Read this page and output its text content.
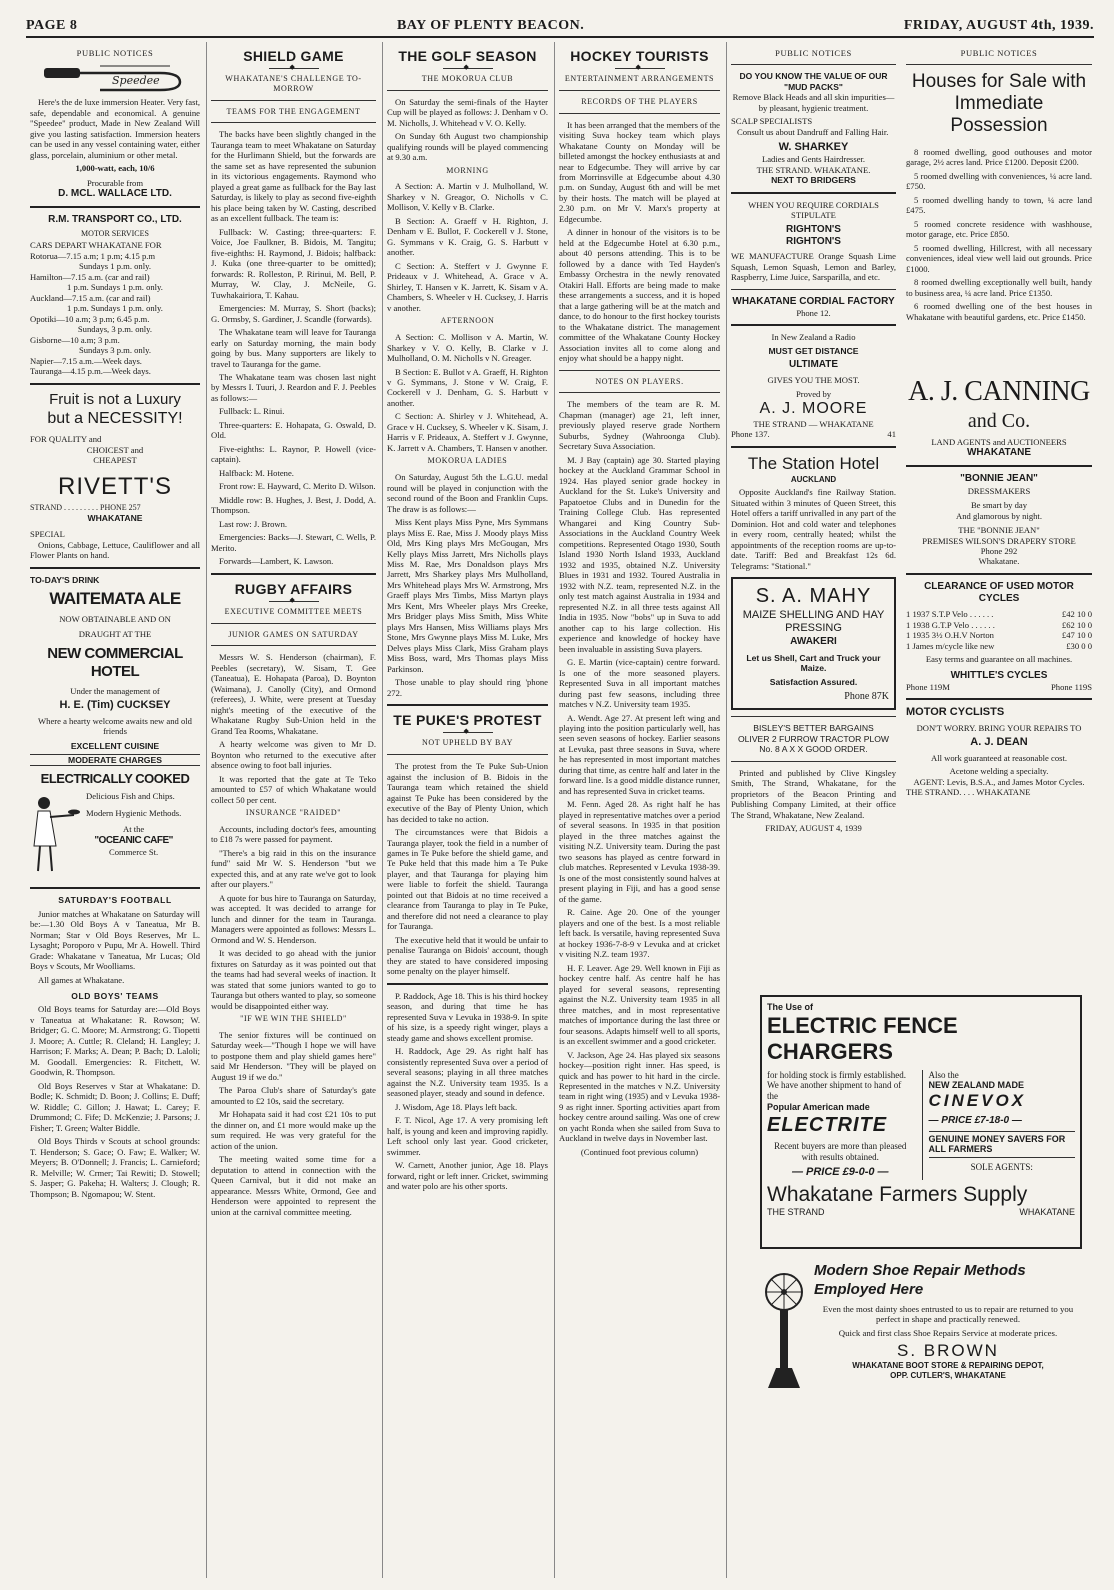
PAGE 8	BAY OF PLENTY BEACON.	FRIDAY, AUGUST 4th, 1939.
PUBLIC NOTICES
Speedee

Here's the de luxe immersion Heater. Very fast, safe, dependable and economical. A genuine "Speedee" product, Made in New Zealand Will give you lasting satisfaction. Immersion heaters can be used in any vessel containing water, either glass, porcelain, aluminium or other metal.

1,000-watt, each, 10/6
Procurable from
D. MCL. WALLACE LTD.
R.M. TRANSPORT CO., LTD.
MOTOR SERVICES
CARS DEPART WHAKATANE FOR
Rotorua—7.15 a.m; 1 p.m; 4.15 p.m
Sundays 1 p.m. only.
Hamilton—7.15 a.m. (car and rail)
1 p.m. Sundays 1 p.m. only.
Auckland—7.15 a.m. (car and rail)
1 p.m. Sundays 1 p.m. only.
Opotiki—10 a.m; 3 p.m; 6.45 p.m.
Sundays, 3 p.m. only.
Gisborne—10 a.m; 3 p.m.
Sundays 3 p.m. only.
Napier—7.15 a.m.—Week days.
Tauranga—4.15 p.m.—Week days.
Fruit is not a Luxury
but a NECESSITY!
FOR QUALITY and
CHOICEST and
CHEAPEST
RIVETT'S
STRAND . . . . . . . . . PHONE 257
WHAKATANE
SPECIAL

Onions, Cabbage, Lettuce, Cauliflower and all Flower Plants on hand.

TO-DAY'S DRINK
WAITEMATA ALE
NOW OBTAINABLE AND ON
DRAUGHT AT THE
NEW COMMERCIAL HOTEL
Under the management of
H. E. (Tim) CUCKSEY
Where a hearty welcome awaits new and old friends
EXCELLENT CUISINE
MODERATE CHARGES
ELECTRICALLY COOKED
Delicious Fish and Chips.
Modern Hygienic Methods.
At the
"OCEANIC CAFE"
Commerce St.
SATURDAY'S FOOTBALL

Junior matches at Whakatane on Saturday will be:—1.30 Old Boys A v Taneatua, Mr B. Norman; Star v Old Boys Reserves, Mr L. Lysaght; Poroporo v Pupu, Mr A. Howell. Third Grade: Whakatane v Taneatua, Mr Lucas; Old Boys v Scouts, Mr Woolliams.

All games at Whakatane.

OLD BOYS' TEAMS

Old Boys teams for Saturday are:—Old Boys v Taneatua at Whakatane: R. Rowson; W. Bridger; G. C. Moore; M. Armstrong; G. Tiopetti J. Moore; A. Cuttle; R. Cleland; H. Langley; J. Harrison; F. Marks; A. Dean; P. Bach; D. Laloli; M. Goodall. Emergencies: R. Fitchett, W. Goodwin, R. Thompson.

Old Boys Reserves v Star at Whakatane: D. Bodle; K. Schmidt; D. Boon; J. Collins; E. Duff; W. Riddle; C. Gillon; J. Hawat; L. Carey; F. Drummond; C. Fife; D. McKenzie; J. Parsons; J. Fisher; T. Green; Walter Biddle.

Old Boys Thirds v Scouts at school grounds: T. Henderson; S. Gace; O. Faw; E. Walker; W. Meyers; B. O'Donnell; J. Francis; L. Carnieford; R. Melville; W. Crmer; Tai Rewiti; D. Stowell; S. Jasper; G. Pakeha; H. Walters; J. Clough; R. Thompson; B. Ngomapou; W. Stent.

SHIELD GAME
◆
WHAKATANE'S CHALLENGE TO-MORROW
TEAMS FOR THE ENGAGEMENT

The backs have been slightly changed in the Tauranga team to meet Whakatane on Saturday for the Hurlimann Shield, but the forwards are the same set as have represented the subunion in its victorious engagements. Raymond who played a great game as fullback for the Bay last Saturday, is likely to play as second five-eighth his place being taken by W. Casting, described as an excellent fullback. The team is:

Fullback: W. Casting; three-quarters: F. Voice, Joe Faulkner, B. Bidois, M. Tangitu; five-eighths: H. Raymond, J. Bidois; halfback: J. Kuka (one three-quarter to be omitted); forwards: R. Rolleston, P. Ririnui, M. Bell, P. Murray, W. Clay, J. McNeile, G. Tuwhakairiora, T. Kahau.

Emergencies: M. Murray, S. Short (backs); G. Ormsby, S. Gardiner, J. Scandle (forwards).

The Whakatane team will leave for Tauranga early on Saturday morning, the main body going by bus. Many supporters are likely to travel to Tauranga for the game.

The Whakatane team was chosen last night by Messrs I. Tuuri, J. Reardon and F. J. Peebles as follows:—

Fullback: L. Rinui.

Three-quarters: E. Hohapata, G. Oswald, D. Old.

Five-eighths: L. Raynor, P. Howell (vice-captain).

Halfback: M. Hotene.

Front row: E. Hayward, C. Merito D. Wilson.

Middle row: B. Hughes, J. Best, J. Dodd, A. Thompson.

Last row: J. Brown.

Emergencies: Backs—J. Stewart, C. Wells, P. Merito.

Forwards—Lambert, K. Lawson.

RUGBY AFFAIRS
◆
EXECUTIVE COMMITTEE MEETS
JUNIOR GAMES ON SATURDAY

Messrs W. S. Henderson (chairman), F. Peebles (secretary), W. Sisam, T. Gee (Taneatua), E. Hohapata (Paroa), D. Boynton (Waimana), J. Canolly (City), and Ormond (referees), J. White, were present at Tuesday night's meeting of the executive of the Whakatane Rugby Sub-Union held in the Grand Tea Rooms, Whakatane.

A hearty welcome was given to Mr D. Boynton who returned to the executive after absence owing to foot ball injuries.

It was reported that the gate at Te Teko amounted to £57 of which Whakatane would collect 50 per cent.

INSURANCE "RAIDED"

Accounts, including doctor's fees, amounting to £18 7s were passed for payment.

"There's a big raid in this on the insurance fund" said Mr W. S. Henderson "but we expected this, and at any rate we've got to look after our players."

A quote for bus hire to Tauranga on Saturday, was accepted. It was decided to arrange for lunch and dinner for the team in Tauranga. Managers were appointed as follows: Messrs L. Ormond and W. S. Henderson.

It was decided to go ahead with the junior fixtures on Saturday as it was pointed out that the teams had had several weeks of inaction. It was stated that some juniors wanted to go to Tauranga but others wanted to play, so someone would be disappointed either way.

"IF WE WIN THE SHIELD"

The senior fixtures will be continued on Saturday week—"Though I hope we will have to postpone them and play shield games here" said Mr Henderson. "They will be played on August 19 if we do."

The Paroa Club's share of Saturday's gate amounted to £2 10s, said the secretary.

Mr Hohapata said it had cost £21 10s to put the dinner on, and £1 more would make up the sum required. He was very grateful for the action of the union.

The meeting waited some time for a deputation to attend in connection with the Queen Carnival, but it did not make an appearance. Messrs White, Ormond, Gee and Henderson were appointed to represent the union at the carnival committee meeting.

THE GOLF SEASON
◆
THE MOKORUA CLUB

On Saturday the semi-finals of the Hayter Cup will be played as follows: J. Denham v O. M. Nicholls, J. Whitehead v V. O. Kelly.

On Sunday 6th August two championship qualifying rounds will be played commencing at 9.30 a.m.

MORNING

A Section: A. Martin v J. Mulholland, W. Sharkey v N. Greagor, O. Nicholls v C. Mollison, V. Kelly v B. Clarke.

B Section: A. Graeff v H. Righton, J. Denham v E. Bullot, F. Cockerell v J. Stone, G. Symmans v K. Craig, G. S. Harbutt v another.

C Section: A. Steffert v J. Gwynne F. Prideaux v J. Whitehead, A. Grace v A. Shirley, T. Hansen v K. Jarrett, K. Sisam v A. Chambers, S. Wheeler v H. Cucksey, J. Harris v another.

AFTERNOON

A Section: C. Mollison v A. Martin, W. Sharkey v V. O. Kelly, B. Clarke v J. Mulholland, O. M. Nicholls v N. Greager.

B Section: E. Bullot v A. Graeff, H. Righton v G. Symmans, J. Stone v W. Craig, F. Cockerell v J. Denham, G. S. Harbutt v another.

C Section: A. Shirley v J. Whitehead, A. Grace v H. Cucksey, S. Wheeler v K. Sisam, J. Harris v F. Prideaux, A. Steffert v J. Gwynne, K. Jarrett v A. Chambers, T. Hansen v another.

MOKORUA LADIES

On Saturday, August 5th the L.G.U. medal round will be played in conjunction with the second round of the Boon and Franklin Cups. The draw is as follows:—

Miss Kent plays Miss Pyne, Mrs Symmans plays Miss E. Rae, Miss J. Moody plays Miss Old, Mrs King plays Mrs McGougan, Mrs Kelly plays Miss Jarrett, Mrs Nicholls plays Miss M. Rae, Mrs Donaldson plays Mrs Jarrett, Mrs Sharkey plays Mrs Mulholland, Mrs Whitehead plays Mrs W. Armstrong, Mrs Graeff plays Mrs Timbs, Miss Martyn plays Mrs Kent, Mrs Wheeler plays Mrs Creeke, Mrs Bridger plays Miss Smith, Miss White plays Mrs Hansen, Miss Williams plays Mrs Stone, Mrs Gwynne plays Miss M. Luke, Mrs Delves plays Miss Clark, Miss Graham plays Miss Boss, ward, Mrs Thomas plays Miss Parkinson.

Those unable to play should ring 'phone 272.

TE PUKE'S PROTEST
◆
NOT UPHELD BY BAY

The protest from the Te Puke Sub-Union against the inclusion of B. Bidois in the Tauranga team which retained the shield against Te Puke has been considered by the executive of the Bay of Plenty Union, which has decided to take no action.

The circumstances were that Bidois a Tauranga player, took the field in a number of games in Te Puke before the shield game, and Te Puke held that this made him a Te Puke player, and that Tauranga for playing him were liable to forfeit the shield. Tauranga pointed out that Bidois at no time received a clearance from Tauranga to play in Te Puke, and therefore did not need a clearance to play for Tauranga.

The executive held that it would be unfair to penalise Tauranga on Bidois' account, though they are stated to have considered imposing some penalty on the player himself.

P. Raddock, Age 18. This is his third hockey season, and during that time he has represented Suva v Levuka in 1938-9. In spite of his size, is a speedy right winger, plays a steady game and shows excellent promise.

H. Raddock, Age 29. As right half has consistently represented Suva over a period of several seasons; playing in all three matches against the N.Z. University team 1935. Is a seasoned player, steady and sound in defence.

J. Wisdom, Age 18. Plays left back.

F. T. Nicol, Age 17. A very promising left half, is young and keen and improving rapidly. Left school only last year. Good cricketer, swimmer.

W. Carnett, Another junior, Age 18. Plays forward, right or left inner. Cricket, swimming and water polo are his other sports.

HOCKEY TOURISTS
◆
ENTERTAINMENT ARRANGEMENTS
RECORDS OF THE PLAYERS

It has been arranged that the members of the visiting Suva hockey team which plays Whakatane County on Monday will be billeted amongst the hockey enthusiasts at and near to Edgecumbe. They will arrive by car from Morrinsville at Edgecumbe about 4.30 p.m. on Sunday, August 6th and will be met by their hosts. The match will be played at 2.30 p.m. on Mr V. Marx's property at Edgecumbe.

A dinner in honour of the visitors is to be held at the Edgecumbe Hotel at 6.30 p.m., about 40 persons attending. This is to be followed by a dance with Ted Hayden's Embassy Orchestra in the newly renovated Otakiri Hall. Efforts are being made to make these arrangements a success, and it is hoped that a large gathering will be at the match and dance, to do honour to the first hockey tourists to the Whakatane district. The management committee of the Whakatane County Hockey Association invites all to come along and enjoy what should be a happy night.

NOTES ON PLAYERS.

The members of the team are R. M. Chapman (manager) age 21, left inner, previously played reserve grade Northern Suburbs, Sydney (Wahroonga Club). Secretary Suva Association.

M. J Bay (captain) age 30. Started playing hockey at the Auckland Grammar School in 1924. Has played senior grade hockey in Auckland for the St. Luke's University and Papatoetoe Clubs and in Dunedin for the Training College Club. Has represented Whangarei and King Country Sub-Associations in the Auckland Country Week competitions. Represented Otago 1930, South Island 1930 North Island 1933, Auckland 1932 and 1935, obtained N.Z. University Blues in 1931 and 1932. Toured Australia in 1932 with N.Z. team, represented N.Z. in the only test match against Australia in 1934 and represented N.Z. in all three tests against All India in 1935. Now "bobs" up in Suva to add another cap to his large collection. His experience and knowledge of hockey have been invaluable in assisting Suva players.

G. E. Martin (vice-captain) centre forward. Is one of the more seasoned players. Represented Suva in all important matches during past few seasons, including three matches v N.Z. University team 1935.

A. Wendt. Age 27. At present left wing and playing into the position particularly well, has seen seven seasons of hockey. Earlier seasons at Levuka, past three seasons in Suva, where he has represented in most important matches during that time, as centre half and later in the forward line. Is a good middle distance runner, and has represented Suva in cricket teams.

M. Fenn. Aged 28. As right half he has played in representative matches over a period of several seasons. In 1935 in that position played in the three matches against the visiting N.Z. University team. During the past two seasons has played as centre forward in club matches. Represented v Levuka 1938-39. Is one of the most consistently sound halves at present playing in Fiji, and has a good sense of the game.

R. Caine. Age 20. One of the younger players and one of the best. Is a most reliable left back. Is versatile, having represented Suva at hockey 1936-7-8-9 v Levuka and at cricket v visiting N.Z. team 1937.

H. F. Leaver. Age 29. Well known in Fiji as hockey centre half. As centre half he has played for several seasons, representing against the N.Z. University team 1935 in all three matches, and in most representative matches of importance during the last three or four seasons. Adapts himself well to all sports, is an excellent swimmer and a good cricketer.

V. Jackson, Age 24. Has played six seasons hockey—position right inner. Has speed, is quick and has power to hit hard in the circle. Represented in the matches v N.Z. University team in right wing (1935) and v Levuka 1938-9 as right inner. Sporting activities apart from hockey centre around sailing. Was one of crew on yacht Ronda when she sailed from Suva to Auckland in twelve days in November last.

(Continued foot previous column)
PUBLIC NOTICES
DO YOU KNOW THE VALUE OF OUR "MUD PACKS"
Remove Black Heads and all skin impurities—by pleasant, hygienic treatment.
SCALP SPECIALISTS
Consult us about Dandruff and Falling Hair.
W. SHARKEY
Ladies and Gents Hairdresser.
THE STRAND. WHAKATANE.
NEXT TO BRIDGERS
WHEN YOU REQUIRE CORDIALS STIPULATE
RIGHTON'S
RIGHTON'S

WE MANUFACTURE Orange Squash Lime Squash, Lemon Squash, Lemon and Barley, Raspberry, Lime Juice, Sarsparilla, and etc.

WHAKATANE CORDIAL FACTORY
Phone 12.
In New Zealand a Radio
MUST GET DISTANCE
ULTIMATE
GIVES YOU THE MOST.
Proved by
A. J. MOORE
THE STRAND — WHAKATANE
Phone 137.	41
The Station Hotel
AUCKLAND

Opposite Auckland's fine Railway Station. Situated within 3 minutes of Queen Street, this Hotel offers a tariff unrivalled in any part of the Dominion. Hot and cold water and telephones in every room, centrally heated; whilst the appointments of the reception rooms are up-to-date. Tariff: Bed and Breakfast 12s 6d. Telegrams: "Stational."

S. A. MAHY
MAIZE SHELLING AND HAY PRESSING
AWAKERI
Let us Shell, Cart and Truck your Maize.
Satisfaction Assured.
Phone 87K
BISLEY'S BETTER BARGAINS
OLIVER 2 FURROW TRACTOR PLOW No. 8 A X X GOOD ORDER.

Printed and published by Clive Kingsley Smith, The Strand, Whakatane, for the proprietors of the Beacon Printing and Publishing Company Limited, at their office The Strand, Whakatane, New Zealand.

FRIDAY, AUGUST 4, 1939
The Use of
ELECTRIC FENCE CHARGERS
for holding stock is firmly established. We have another shipment to hand of the
Popular American made
ELECTRITE
Recent buyers are more than pleased with results obtained.
— PRICE £9-0-0 —
Also the
NEW ZEALAND MADE
CINEVOX
— PRICE £7-18-0 —
GENUINE MONEY SAVERS FOR ALL FARMERS
SOLE AGENTS:
Whakatane Farmers Supply
THE STRAND	WHAKATANE
PUBLIC NOTICES
Houses for Sale with Immediate Possession

8 roomed dwelling, good outhouses and motor garage, 2½ acres land. Price £1200. Deposit £200.

5 roomed dwelling with conveniences, ¼ acre land. £750.

5 roomed dwelling handy to town, ¼ acre land £475.

5 roomed concrete residence with washhouse, motor garage, etc. Price £850.

5 roomed dwelling, Hillcrest, with all necessary conveniences, ideal view well laid out grounds. Price £1000.

8 roomed dwelling exceptionally well built, handy to business area, ¼ acre land. Price £1350.

6 roomed dwelling one of the best houses in Whakatane with beautiful gardens, etc. Price £1450.

A. J. CANNING
and Co.
LAND AGENTS and AUCTIONEERS
WHAKATANE
"BONNIE JEAN"
DRESSMAKERS
Be smart by day
And glamorous by night.
THE "BONNIE JEAN"
PREMISES WILSON'S DRAPERY STORE
Phone 292
Whakatane.
CLEARANCE OF USED MOTOR CYCLES
1 1937 S.T.P Velo . . . . . .	£42 10 0
1 1938 G.T.P Velo . . . . . .	£62 10 0
1 1935 3½ O.H.V Norton	£47 10 0
1 James m/cycle like new	£30 0 0
Easy terms and guarantee on all machines.
WHITTLE'S CYCLES
Phone 119M	Phone 119S
MOTOR CYCLISTS
DON'T WORRY. BRING YOUR REPAIRS TO
A. J. DEAN
All work guaranteed at reasonable cost.
Acetone welding a specialty.
AGENT: Levis, B.S.A., and James Motor Cycles.
THE STRAND. . . . WHAKATANE
Modern Shoe Repair Methods Employed Here
Even the most dainty shoes entrusted to us to repair are returned to you perfect in shape and practically renewed.
Quick and first class Shoe Repairs Service at moderate prices.
S. BROWN
WHAKATANE BOOT STORE & REPAIRING DEPOT,
OPP. CUTLER'S, WHAKATANE
